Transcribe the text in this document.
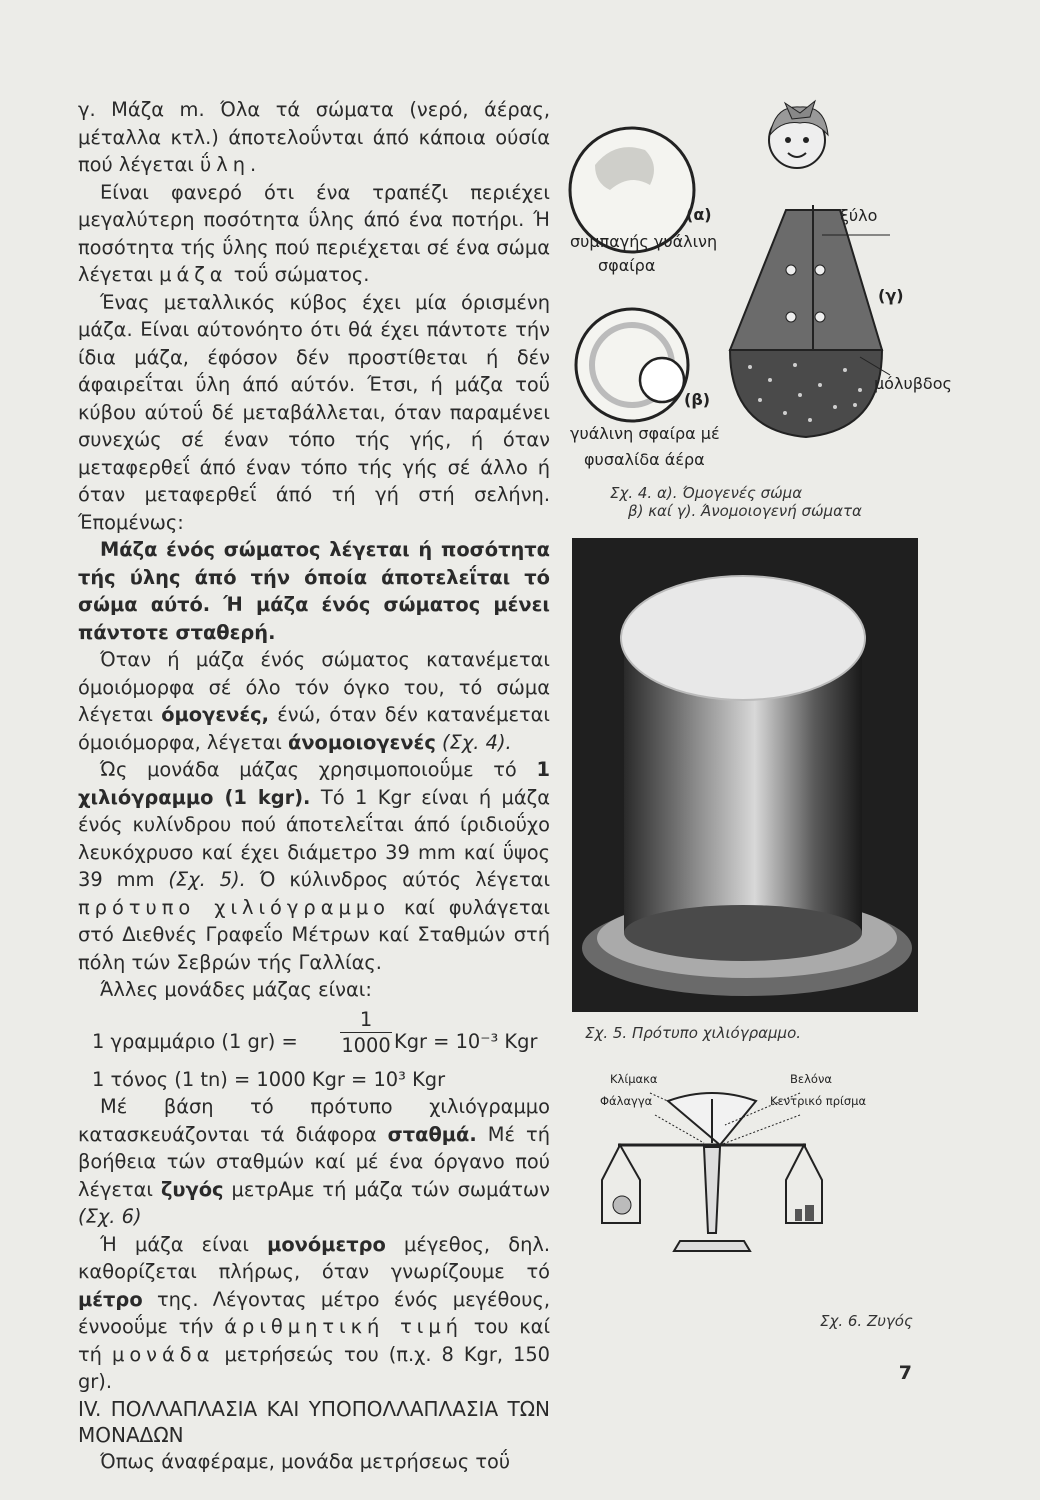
γ. Μάζα m. Όλα τά σώματα (νερό, άέρας, μέταλλα κτλ.) άποτελοΰνται άπό κάποια ούσία πού λέγεται ΰλη.

Είναι φανερό ότι ένα τραπέζι περιέχει μεγαλύτερη ποσότητα ΰλης άπό ένα ποτήρι. Ή ποσότητα τής ΰλης πού περιέχεται σέ ένα σώμα λέγεται μάζα τοΰ σώματος.

Ένας μεταλλικός κύβος έχει μία όρισμένη μάζα. Είναι αύτονόητο ότι θά έχει πάντοτε τήν ίδια μάζα, έφόσον δέν προστίθεται ή δέν άφαιρεΐται ΰλη άπό αύτόν. Έτσι, ή μάζα τοΰ κύβου αύτοΰ δέ μεταβάλλεται, όταν παραμένει συνεχώς σέ έναν τόπο τής γής, ή όταν μεταφερθεΐ άπό έναν τόπο τής γής σέ άλλο ή όταν μεταφερθεΐ άπό τή γή στή σελήνη. Έπομένως:

Μάζα ένός σώματος λέγεται ή ποσότητα τής ύλης άπό τήν όποία άποτελεΐται τό σώμα αύτό. Ή μάζα ένός σώματος μένει πάντοτε σταθερή.

Όταν ή μάζα ένός σώματος κατανέμεται όμοιόμορφα σέ όλο τόν όγκο του, τό σώμα λέγεται όμογενές, ένώ, όταν δέν κατανέμεται όμοιόμορφα, λέγεται άνομοιογενές (Σχ. 4).

Ώς μονάδα μάζας χρησιμοποιοΰμε τό 1 χιλιόγραμμο (1 kgr). Τό 1 Kgr είναι ή μάζα ένός κυλίνδρου πού άποτελεΐται άπό ίριδιοΰχο λευκόχρυσο καί έχει διάμετρο 39 mm καί ΰψος 39 mm (Σχ. 5). Ό κύλινδρος αύτός λέγεται πρότυπο χιλιόγραμμο καί φυλάγεται στό Διεθνές Γραφεΐο Μέτρων καί Σταθμών στή πόλη τών Σεβρών τής Γαλλίας.

Άλλες μονάδες μάζας είναι:

1 γραμμάριο (1 $gr) = \frac{1}{1000}$ Kgr = 10⁻³ Kgr

1 τόνος (1 tn) = 1000 Kgr = 10³ Kgr

Μέ βάση τό πρότυπο χιλιόγραμμο κατασκευάζονται τά διάφορα σταθμά. Μέ τή βοήθεια τών σταθμών καί μέ ένα όργανο πού λέγεται ζυγός μετρAμε τή μάζα τών σωμάτων (Σχ. 6)

Ή μάζα είναι μονόμετρο μέγεθος, δηλ. καθορίζεται πλήρως, όταν γνωρίζουμε τό μέτρο της. Λέγοντας μέτρο ένός μεγέθους, έννοοΰμε τήν άριθμητική τιμή του καί τή μονάδα μετρήσεώς του (π.χ. 8 Kgr, 150 gr).

IV. ΠΟΛΛΑΠΛΑΣΙΑ ΚΑΙ ΥΠΟΠΟΛΛΑΠΛΑΣΙΑ ΤΩΝ ΜΟΝΑΔΩΝ

Όπως άναφέραμε, μονάδα μετρήσεως τοΰ

(α)
συμπαγής γυάλινη
σφαίρα
(β)
γυάλινη σφαίρα μέ
φυσαλίδα άέρα
(γ)
ξύλο
μόλυβδος
Σχ. 4. α). Όμογενές σώμα
β) καί γ). Άνομοιογενή σώματα
Σχ. 5. Πρότυπο χιλιόγραμμο.
Κλίμακα
Φάλαγγα
Βελόνα
Κεντρικό πρίσμα
Σχ. 6. Ζυγός
7
